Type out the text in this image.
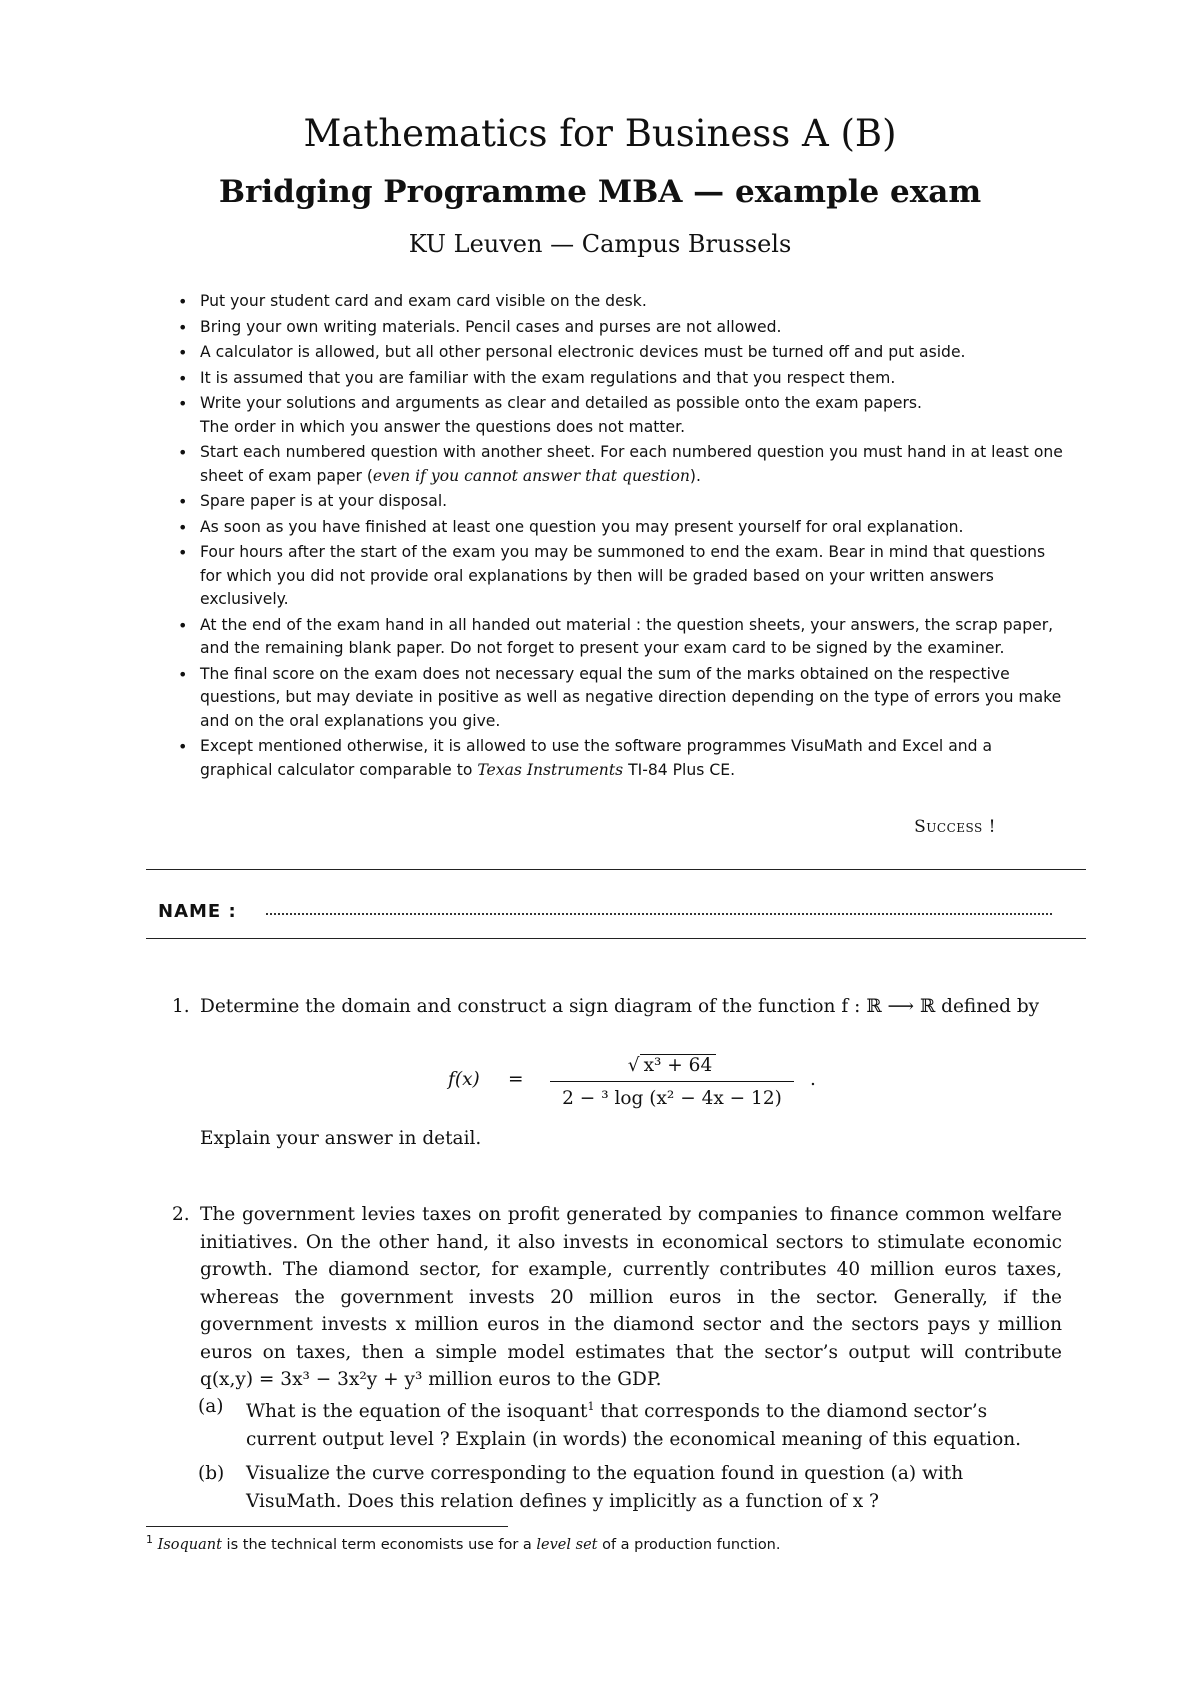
Mathematics for Business A (B)
Bridging Programme MBA — example exam
KU Leuven — Campus Brussels
• Put your student card and exam card visible on the desk.
• Bring your own writing materials. Pencil cases and purses are not allowed.
• A calculator is allowed, but all other personal electronic devices must be turned off and put aside.
• It is assumed that you are familiar with the exam regulations and that you respect them.
• Write your solutions and arguments as clear and detailed as possible onto the exam papers.
The order in which you answer the questions does not matter.
• Start each numbered question with another sheet. For each numbered question you must hand in at least one sheet of exam paper (even if you cannot answer that question).
• Spare paper is at your disposal.
• As soon as you have finished at least one question you may present yourself for oral explanation.
• Four hours after the start of the exam you may be summoned to end the exam. Bear in mind that questions for which you did not provide oral explanations by then will be graded based on your written answers exclusively.
• At the end of the exam hand in all handed out material : the question sheets, your answers, the scrap paper, and the remaining blank paper. Do not forget to present your exam card to be signed by the examiner.
• The final score on the exam does not necessary equal the sum of the marks obtained on the respective questions, but may deviate in positive as well as negative direction depending on the type of errors you make and on the oral explanations you give.
• Except mentioned otherwise, it is allowed to use the software programmes VisuMath and Excel and a graphical calculator comparable to Texas Instruments TI-84 Plus CE.
Success !
NAME :
1. Determine the domain and construct a sign diagram of the function f : ℝ ⟶ ℝ defined by
f(x) =
√ x³ + 64
2 − ³ log (x² − 4x − 12)
.
Explain your answer in detail.
2. The government levies taxes on profit generated by companies to finance common welfare initiatives. On the other hand, it also invests in economical sectors to stimulate economic growth. The diamond sector, for example, currently contributes 40 million euros taxes, whereas the government invests 20 million euros in the sector. Generally, if the government invests x million euros in the diamond sector and the sectors pays y million euros on taxes, then a simple model estimates that the sector’s output will contribute q(x,y) = 3x³ − 3x²y + y³ million euros to the GDP.
(a) What is the equation of the isoquant$^1$ that corresponds to the diamond sector’s current output level ? Explain (in words) the economical meaning of this equation.
(b) Visualize the curve corresponding to the equation found in question (a) with VisuMath. Does this relation defines y implicitly as a function of x ?
$^1$ Isoquant is the technical term economists use for a level set of a production function.
